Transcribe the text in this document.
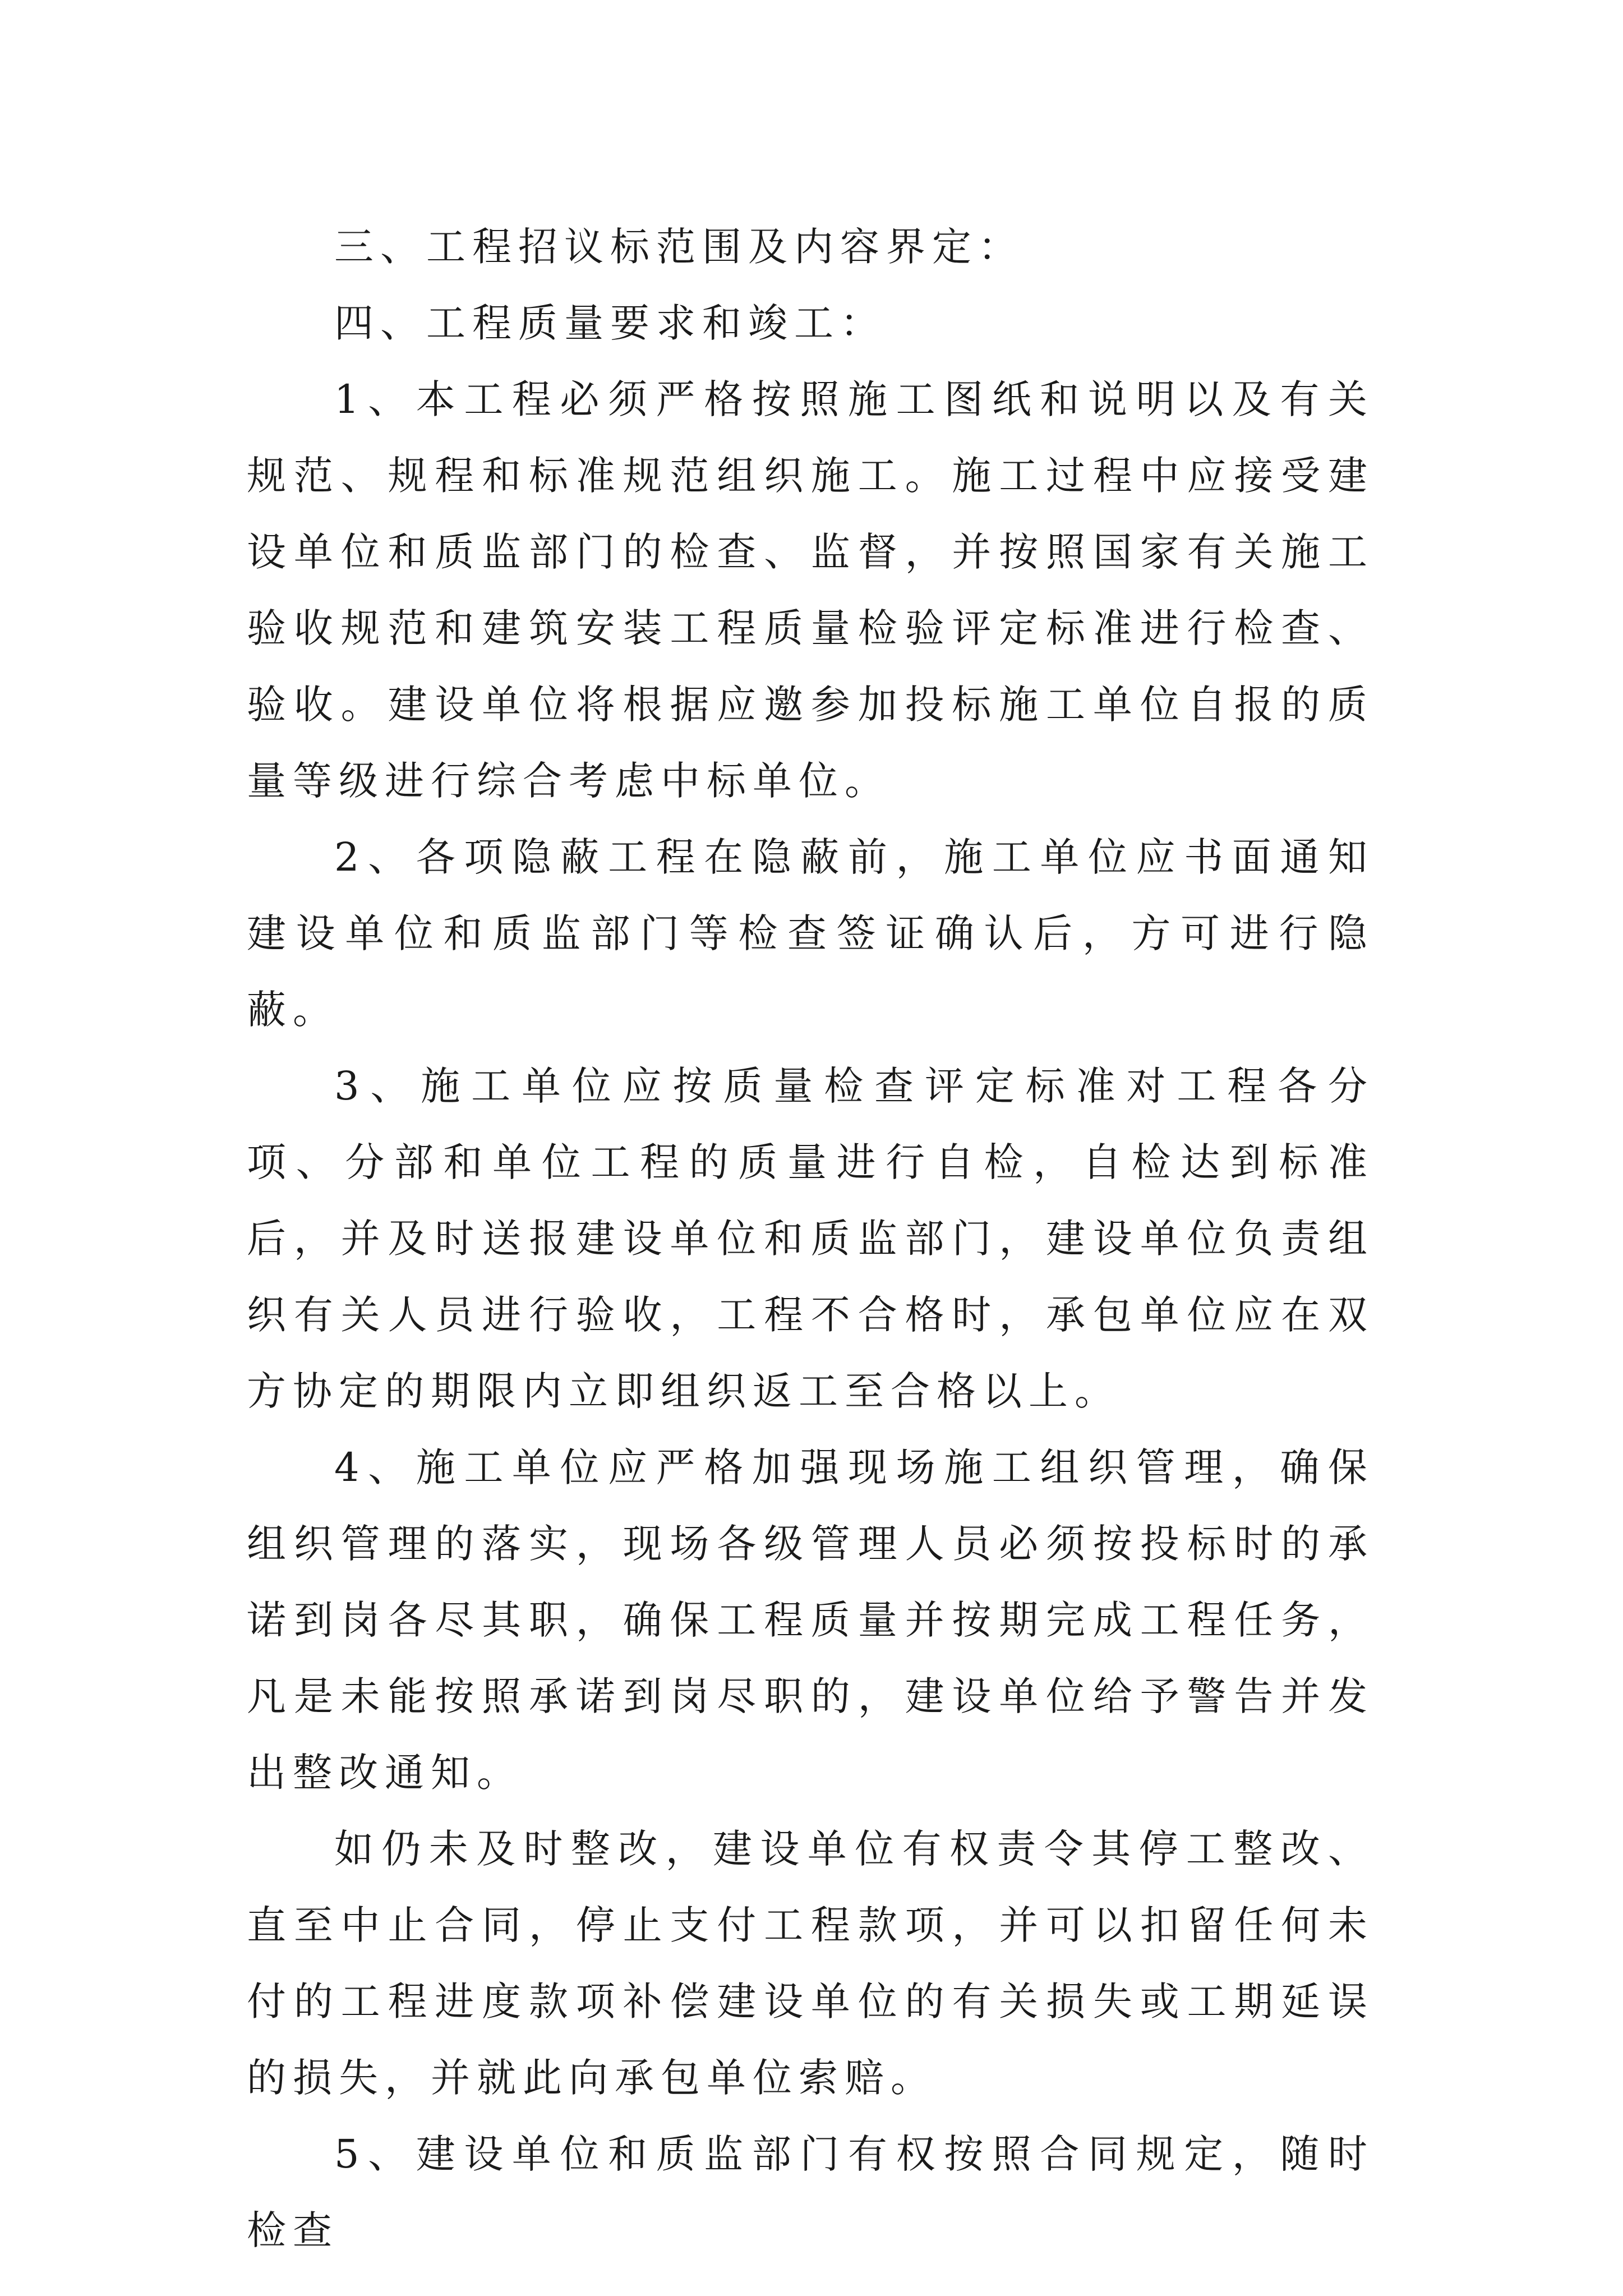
三、工程招议标范围及内容界定：

四、工程质量要求和竣工：

1、本工程必须严格按照施工图纸和说明以及有关规范、规程和标准规范组织施工。施工过程中应接受建设单位和质监部门的检查、监督，并按照国家有关施工验收规范和建筑安装工程质量检验评定标准进行检查、验收。建设单位将根据应邀参加投标施工单位自报的质量等级进行综合考虑中标单位。

2、各项隐蔽工程在隐蔽前，施工单位应书面通知建设单位和质监部门等检查签证确认后，方可进行隐蔽。

3、施工单位应按质量检查评定标准对工程各分项、分部和单位工程的质量进行自检，自检达到标准后，并及时送报建设单位和质监部门，建设单位负责组织有关人员进行验收，工程不合格时，承包单位应在双方协定的期限内立即组织返工至合格以上。

4、施工单位应严格加强现场施工组织管理，确保组织管理的落实，现场各级管理人员必须按投标时的承诺到岗各尽其职，确保工程质量并按期完成工程任务，凡是未能按照承诺到岗尽职的，建设单位给予警告并发出整改通知。

如仍未及时整改，建设单位有权责令其停工整改、直至中止合同，停止支付工程款项，并可以扣留任何未付的工程进度款项补偿建设单位的有关损失或工期延误的损失，并就此向承包单位索赔。

5、建设单位和质监部门有权按照合同规定，随时检查
